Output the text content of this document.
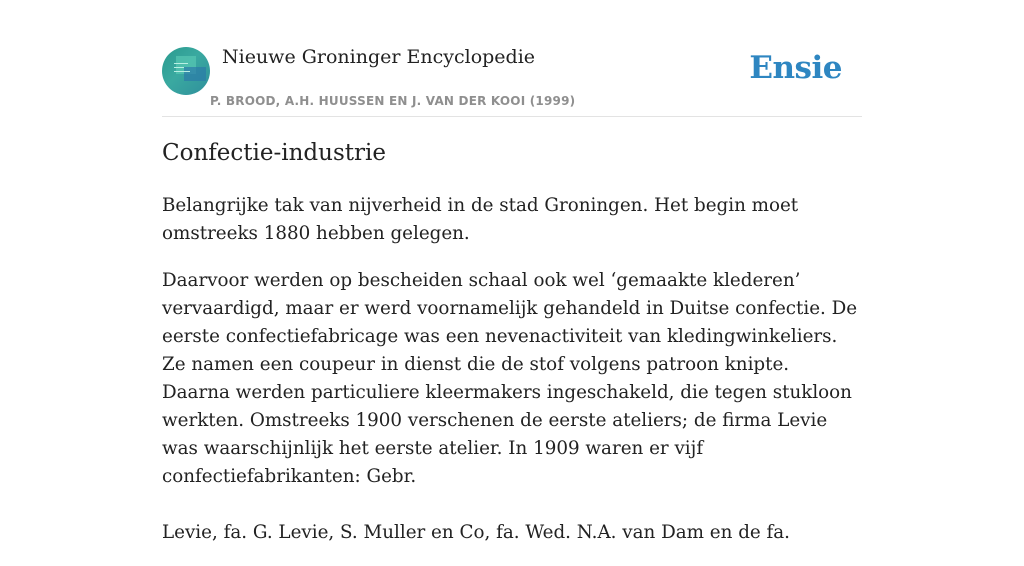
Nieuwe Groninger Encyclopedie
P. BROOD, A.H. HUUSSEN EN J. VAN DER KOOI (1999)
Ensie
Confectie-industrie

Belangrijke tak van nijverheid in de stad Groningen. Het begin moet omstreeks 1880 hebben gelegen.

Daarvoor werden op bescheiden schaal ook wel ‘gemaakte klederen’ vervaardigd, maar er werd voornamelijk gehandeld in Duitse confectie. De eerste confectiefabricage was een nevenactiviteit van kledingwinkeliers. Ze namen een coupeur in dienst die de stof volgens patroon knipte. Daarna werden particuliere kleermakers ingeschakeld, die tegen stukloon werkten. Omstreeks 1900 verschenen de eerste ateliers; de firma Levie was waarschijnlijk het eerste atelier. In 1909 waren er vijf confectiefabrikanten: Gebr.

Levie, fa. G. Levie, S. Muller en Co, fa. Wed. N.A. van Dam en de fa.
